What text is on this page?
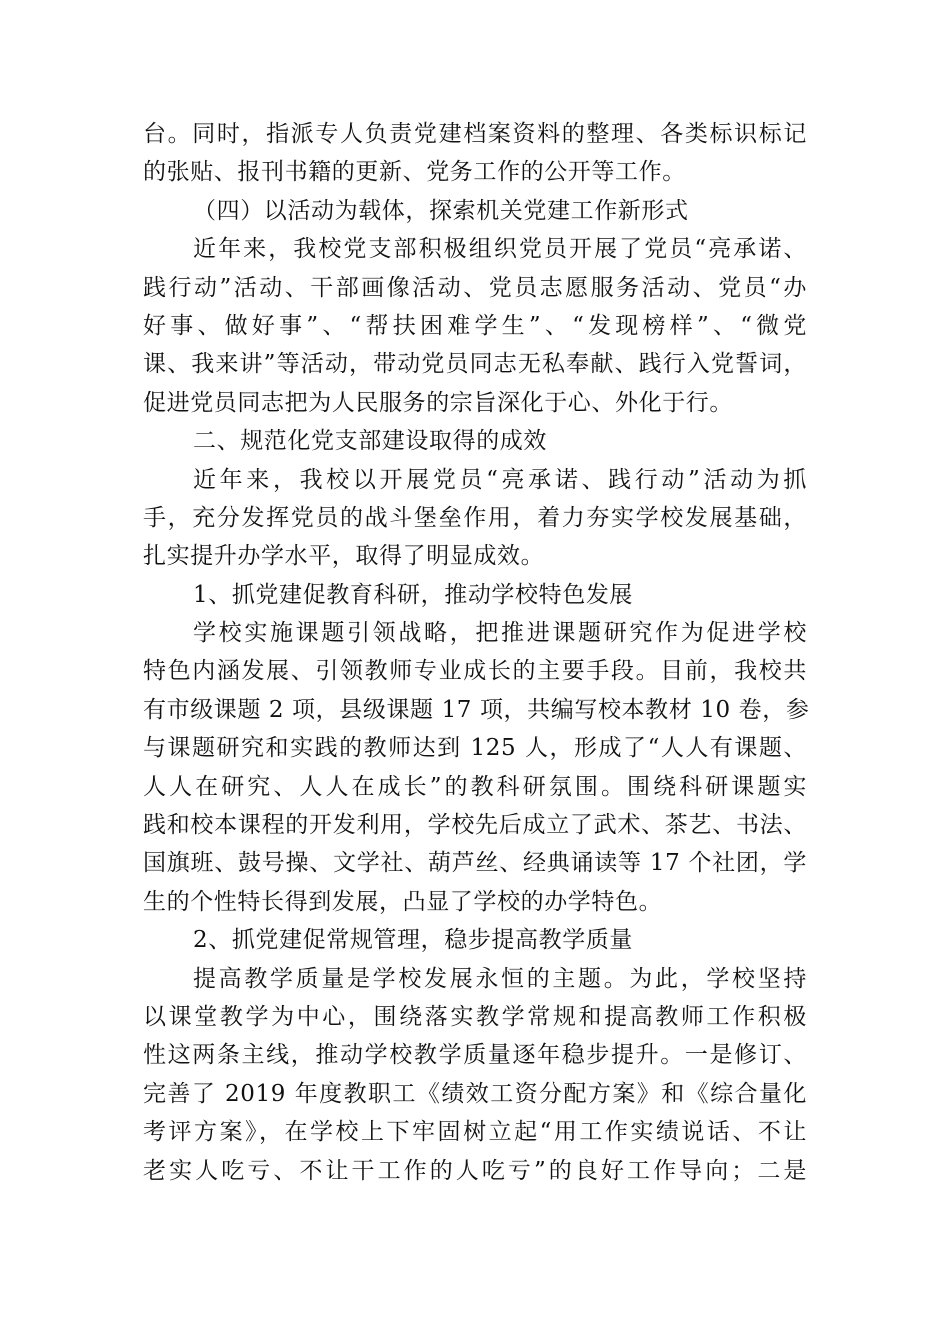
台。同时，指派专人负责党建档案资料的整理、各类标识标记
的张贴、报刊书籍的更新、党务工作的公开等工作。
（四）以活动为载体，探索机关党建工作新形式
近年来，我校党支部积极组织党员开展了党员“亮承诺、
践行动”活动、干部画像活动、党员志愿服务活动、党员“办
好事、做好事”、“帮扶困难学生”、“发现榜样”、“微党
课、我来讲”等活动，带动党员同志无私奉献、践行入党誓词，
促进党员同志把为人民服务的宗旨深化于心、外化于行。
二、规范化党支部建设取得的成效
近年来，我校以开展党员“亮承诺、践行动”活动为抓
手，充分发挥党员的战斗堡垒作用，着力夯实学校发展基础，
扎实提升办学水平，取得了明显成效。
1、抓党建促教育科研，推动学校特色发展
学校实施课题引领战略，把推进课题研究作为促进学校
特色内涵发展、引领教师专业成长的主要手段。目前，我校共
有市级课题 2 项，县级课题 17 项，共编写校本教材 10 卷，参
与课题研究和实践的教师达到 125 人，形成了“人人有课题、
人人在研究、人人在成长”的教科研氛围。围绕科研课题实
践和校本课程的开发利用，学校先后成立了武术、茶艺、书法、
国旗班、鼓号操、文学社、葫芦丝、经典诵读等 17 个社团，学
生的个性特长得到发展，凸显了学校的办学特色。
2、抓党建促常规管理，稳步提高教学质量
提高教学质量是学校发展永恒的主题。为此，学校坚持
以课堂教学为中心，围绕落实教学常规和提高教师工作积极
性这两条主线，推动学校教学质量逐年稳步提升。一是修订、
完善了 2019 年度教职工《绩效工资分配方案》和《综合量化
考评方案》，在学校上下牢固树立起“用工作实绩说话、不让
老实人吃亏、不让干工作的人吃亏”的良好工作导向；二是
